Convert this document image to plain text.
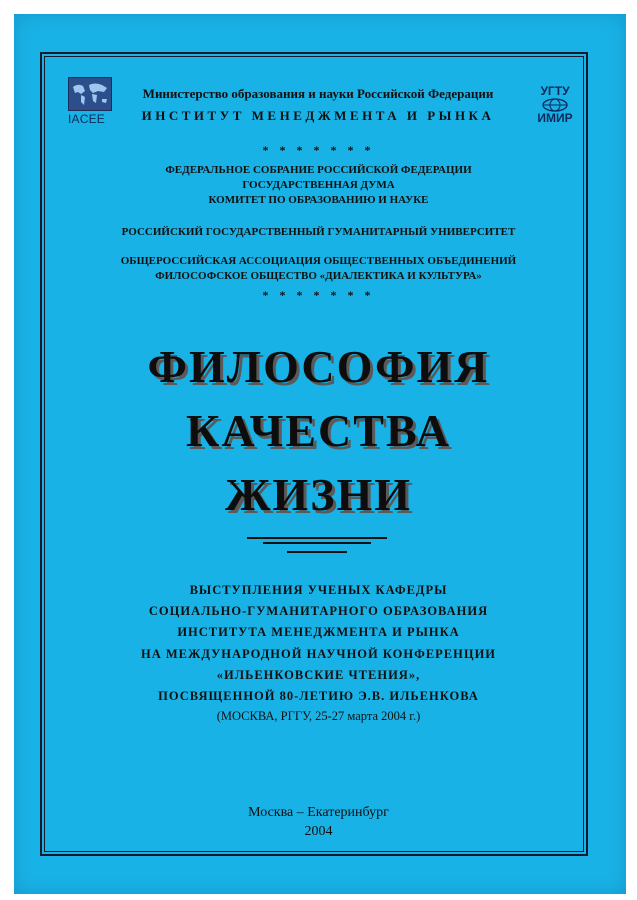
IACEE
УГТУ
ИМИР
Министерство образования и науки Российской Федерации
ИНСТИТУТ МЕНЕДЖМЕНТА И РЫНКА
* * * * * * *
ФЕДЕРАЛЬНОЕ СОБРАНИЕ РОССИЙСКОЙ ФЕДЕРАЦИИ
ГОСУДАРСТВЕННАЯ ДУМА
КОМИТЕТ ПО ОБРАЗОВАНИЮ И НАУКЕ
РОССИЙСКИЙ ГОСУДАРСТВЕННЫЙ ГУМАНИТАРНЫЙ УНИВЕРСИТЕТ
ОБЩЕРОССИЙСКАЯ АССОЦИАЦИЯ ОБЩЕСТВЕННЫХ ОБЪЕДИНЕНИЙ
ФИЛОСОФСКОЕ ОБЩЕСТВО «ДИАЛЕКТИКА И КУЛЬТУРА»
* * * * * * *
ФИЛОСОФИЯ
КАЧЕСТВА
ЖИЗНИ
ВЫСТУПЛЕНИЯ УЧЕНЫХ КАФЕДРЫ
СОЦИАЛЬНО-ГУМАНИТАРНОГО ОБРАЗОВАНИЯ
ИНСТИТУТА МЕНЕДЖМЕНТА И РЫНКА
НА МЕЖДУНАРОДНОЙ НАУЧНОЙ КОНФЕРЕНЦИИ
«ИЛЬЕНКОВСКИЕ ЧТЕНИЯ»,
ПОСВЯЩЕННОЙ 80-ЛЕТИЮ Э.В. ИЛЬЕНКОВА
(МОСКВА, РГГУ, 25-27 марта 2004 г.)
Москва – Екатеринбург
2004
